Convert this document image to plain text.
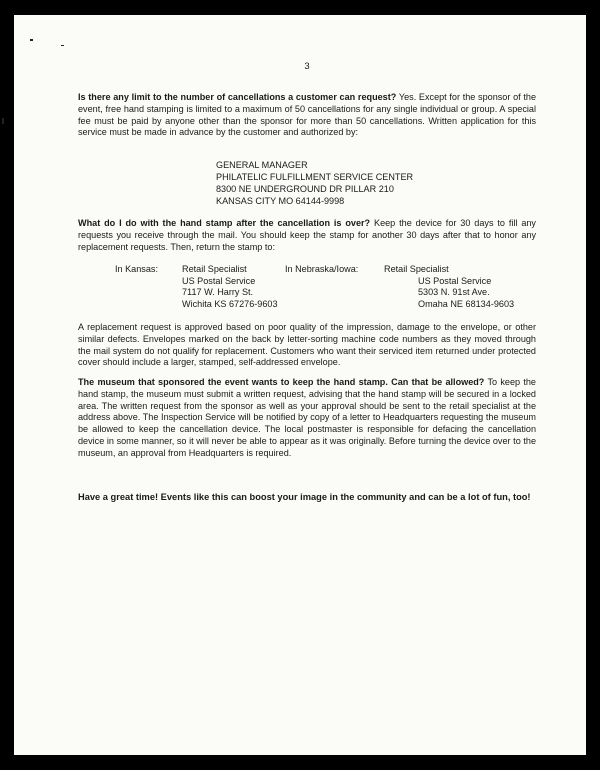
3

Is there any limit to the number of cancellations a customer can request? Yes. Except for the sponsor of the event, free hand stamping is limited to a maximum of 50 cancellations for any single individual or group. A special fee must be paid by anyone other than the sponsor for more than 50 cancellations. Written application for this service must be made in advance by the customer and authorized by:

GENERAL MANAGER
PHILATELIC FULFILLMENT SERVICE CENTER
8300 NE UNDERGROUND DR PILLAR 210
KANSAS CITY MO 64144-9998

What do I do with the hand stamp after the cancellation is over? Keep the device for 30 days to fill any requests you receive through the mail. You should keep the stamp for another 30 days after that to honor any replacement requests. Then, return the stamp to:

In Kansas:	Retail Specialist
US Postal Service
7117 W. Harry St.
Wichita KS 67276-9603
In Nebraska/Iowa:	Retail Specialist
US Postal Service
5303 N. 91st Ave.
Omaha NE 68134-9603

A replacement request is approved based on poor quality of the impression, damage to the envelope, or other similar defects. Envelopes marked on the back by letter-sorting machine code numbers as they moved through the mail system do not qualify for replacement. Customers who want their serviced item returned under protected cover should include a larger, stamped, self-addressed envelope.

The museum that sponsored the event wants to keep the hand stamp. Can that be allowed? To keep the hand stamp, the museum must submit a written request, advising that the hand stamp will be secured in a locked area. The written request from the sponsor as well as your approval should be sent to the retail specialist at the address above. The Inspection Service will be notified by copy of a letter to Headquarters requesting the museum be allowed to keep the cancellation device. The local postmaster is responsible for defacing the cancellation device in some manner, so it will never be able to appear as it was originally. Before turning the device over to the museum, an approval from Headquarters is required.

Have a great time! Events like this can boost your image in the community and can be a lot of fun, too!
